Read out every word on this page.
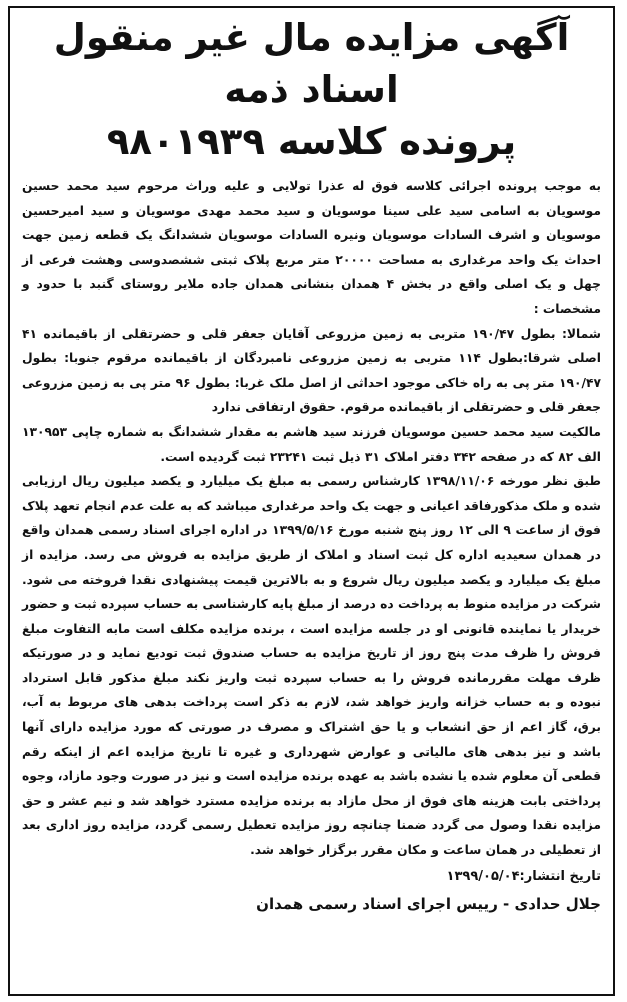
آگهی مزایده مال غیر منقول اسناد ذمه
پرونده کلاسه ۹۸۰۱۹۳۹

به موجب پرونده اجرائی کلاسه فوق له عذرا تولایی و علیه وراث مرحوم سید محمد حسین موسویان به اسامی سید علی سینا موسویان و سید محمد مهدی موسویان و سید امیرحسین موسویان و اشرف السادات موسویان ونیره السادات موسویان ششدانگ یک قطعه زمین جهت احداث یک واحد مرغداری به مساحت ۲۰۰۰۰ متر مربع پلاک ثبتی ششصدوسی وهشت فرعی از چهل و یک اصلی واقع در بخش ۴ همدان بنشانی همدان جاده ملایر روستای گنبد با حدود و مشخصات :

شمالا: بطول ۱۹۰/۴۷ متربی به زمین مزروعی آقایان جعفر قلی و حضرتقلی از باقیمانده ۴۱ اصلی شرقا:بطول ۱۱۴ متربی به زمین مزروعی نامبردگان از باقیمانده مرقوم جنوبا: بطول ۱۹۰/۴۷ متر پی به راه خاکی موجود احداثی از اصل ملک غربا: بطول ۹۶ متر پی به زمین مزروعی جعفر قلی و حضرتقلی از باقیمانده مرقوم. حقوق ارتفاقی ندارد

مالکیت سید محمد حسین موسویان فرزند سید هاشم به مقدار ششدانگ به شماره چاپی ۱۳۰۹۵۳ الف ۸۲ که در صفحه ۳۴۲ دفتر املاک ۳۱ ذیل ثبت ۲۳۲۴۱ ثبت گردیده است.

طبق نظر مورخه ۱۳۹۸/۱۱/۰۶ کارشناس رسمی به مبلغ یک میلیارد و یکصد میلیون ریال ارزیابی شده و ملک مذکورفاقد اعیانی و جهت یک واحد مرغداری میباشد که به علت عدم انجام تعهد پلاک فوق از ساعت ۹ الی ۱۲ روز پنج شنبه مورخ ۱۳۹۹/۵/۱۶ در اداره اجرای اسناد رسمی همدان واقع در همدان سعیدیه اداره کل ثبت اسناد و املاک از طریق مزایده به فروش می رسد. مزایده از مبلغ یک میلیارد و یکصد میلیون ریال شروع و به بالاترین قیمت پیشنهادی نقدا فروخته می شود. شرکت در مزایده منوط به پرداخت ده درصد از مبلغ پایه کارشناسی به حساب سپرده ثبت و حضور خریدار یا نماینده قانونی او در جلسه مزایده است ، برنده مزایده مکلف است مابه التفاوت مبلغ فروش را ظرف مدت پنج روز از تاریخ مزایده به حساب صندوق ثبت تودیع نماید و در صورتیکه ظرف مهلت مقررمانده فروش را به حساب سپرده ثبت واریز نکند مبلغ مذکور قابل استرداد نبوده و به حساب خزانه واریز خواهد شد، لازم به ذکر است پرداخت بدهی های مربوط به آب، برق، گاز اعم از حق انشعاب و یا حق اشتراک و مصرف در صورتی که مورد مزایده دارای آنها باشد و نیز بدهی های مالیاتی و عوارض شهرداری و غیره تا تاریخ مزایده اعم از اینکه رقم قطعی آن معلوم شده یا نشده باشد به عهده برنده مزایده است و نیز در صورت وجود مازاد، وجوه پرداختی بابت هزینه های فوق از محل مازاد به برنده مزایده مسترد خواهد شد و نیم عشر و حق مزایده نقدا وصول می گردد ضمنا چنانچه روز مزایده تعطیل رسمی گردد، مزایده روز اداری بعد از تعطیلی در همان ساعت و مکان مقرر برگزار خواهد شد.

تاریخ انتشار:۱۳۹۹/۰۵/۰۴
جلال حدادی - رییس اجرای اسناد رسمی همدان
